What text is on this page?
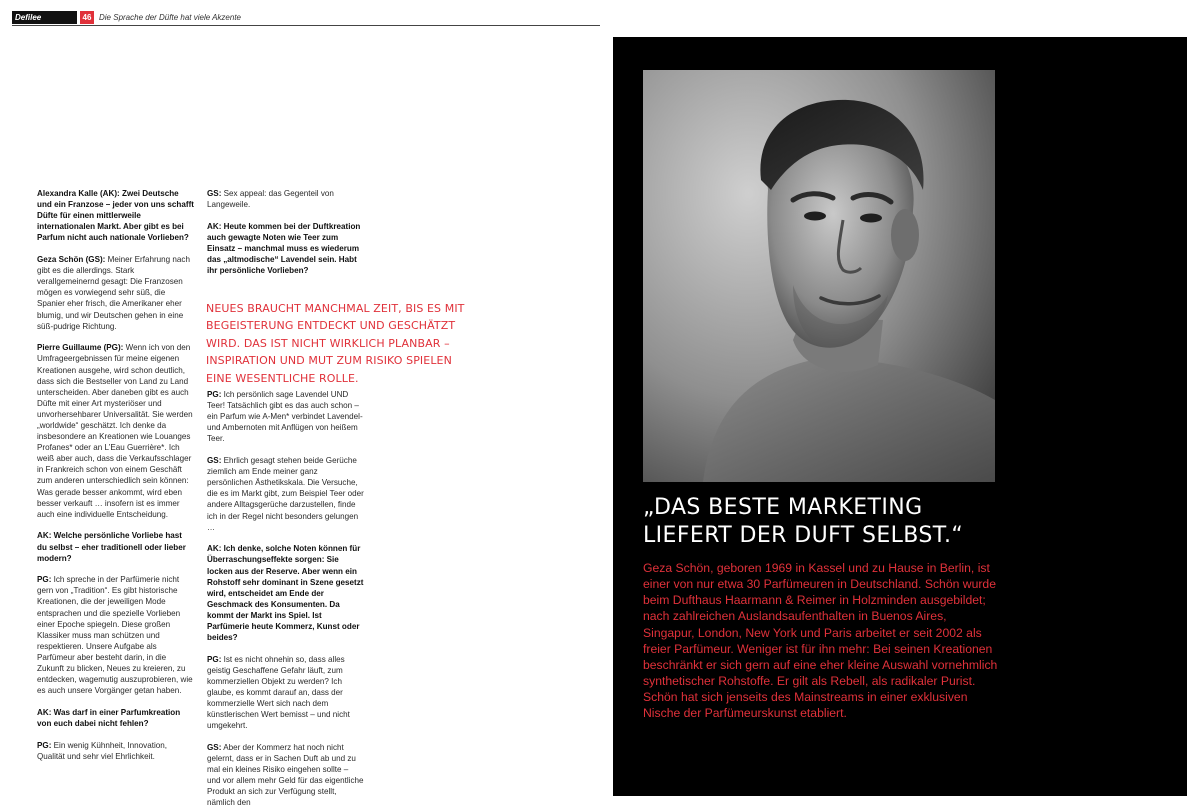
Defilee	46 Die Sprache der Düfte hat viele Akzente

Alexandra Kalle (AK): Zwei Deutsche und ein Franzose – jeder von uns schafft Düfte für einen mittlerweile internationalen Markt. Aber gibt es bei Parfum nicht auch nationale Vorlieben?

Geza Schön (GS): Meiner Erfahrung nach gibt es die allerdings. Stark verallgemeinernd gesagt: Die Franzosen mögen es vorwiegend sehr süß, die Spanier eher frisch, die Amerikaner eher blumig, und wir Deutschen gehen in eine süß-pudrige Richtung.

Pierre Guillaume (PG): Wenn ich von den Umfrageergebnissen für meine eigenen Kreationen ausgehe, wird schon deutlich, dass sich die Bestseller von Land zu Land unterscheiden. Aber daneben gibt es auch Düfte mit einer Art mysteriöser und unvorhersehbarer Universalität. Sie werden „worldwide“ geschätzt. Ich denke da insbesondere an Kreationen wie Louanges Profanes* oder an L’Eau Guerrière*. Ich weiß aber auch, dass die Verkaufsschlager in Frankreich schon von einem Geschäft zum anderen unterschiedlich sein können: Was gerade besser ankommt, wird eben besser verkauft … insofern ist es immer auch eine individuelle Entscheidung.

AK: Welche persönliche Vorliebe hast du selbst – eher traditionell oder lieber modern?

PG: Ich spreche in der Parfümerie nicht gern von „Tradition“. Es gibt historische Kreationen, die der jeweiligen Mode entsprachen und die spezielle Vorlieben einer Epoche spiegeln. Diese großen Klassiker muss man schützen und respektieren. Unsere Aufgabe als Parfümeur aber besteht darin, in die Zukunft zu blicken, Neues zu kreieren, zu entdecken, wagemutig auszuprobieren, wie es auch unsere Vorgänger getan haben.

AK: Was darf in einer Parfumkreation von euch dabei nicht fehlen?

PG: Ein wenig Kühnheit, Innovation, Qualität und sehr viel Ehrlichkeit.

GS: Sex appeal: das Gegenteil von Langeweile.

AK: Heute kommen bei der Duftkreation auch gewagte Noten wie Teer zum Einsatz – manchmal muss es wiederum das „altmodische“ Lavendel sein. Habt ihr persönliche Vorlieben?

NEUES BRAUCHT MANCHMAL ZEIT, BIS ES MIT BEGEISTERUNG ENTDECKT UND GESCHÄTZT WIRD. DAS IST NICHT WIRKLICH PLANBAR – INSPIRATION UND MUT ZUM RISIKO SPIELEN EINE WESENTLICHE ROLLE.

PG: Ich persönlich sage Lavendel UND Teer! Tatsächlich gibt es das auch schon – ein Parfum wie A-Men* verbindet Lavendel- und Ambernoten mit Anflügen von heißem Teer.

GS: Ehrlich gesagt stehen beide Gerüche ziemlich am Ende meiner ganz persönlichen Ästhetikskala. Die Versuche, die es im Markt gibt, zum Beispiel Teer oder andere Alltagsgerüche darzustellen, finde ich in der Regel nicht besonders gelungen …

AK: Ich denke, solche Noten können für Überraschungseffekte sorgen: Sie locken aus der Reserve. Aber wenn ein Rohstoff sehr dominant in Szene gesetzt wird, entscheidet am Ende der Geschmack des Konsumenten. Da kommt der Markt ins Spiel. Ist Parfümerie heute Kommerz, Kunst oder beides?

PG: Ist es nicht ohnehin so, dass alles geistig Geschaffene Gefahr läuft, zum kommerziellen Objekt zu werden? Ich glaube, es kommt darauf an, dass der kommerzielle Wert sich nach dem künstlerischen Wert bemisst – und nicht umgekehrt.

GS: Aber der Kommerz hat noch nicht gelernt, dass er in Sachen Duft ab und zu mal ein kleines Risiko eingehen sollte – und vor allem mehr Geld für das eigentliche Produkt an sich zur Verfügung stellt, nämlich den

„DAS BESTE MARKETING
LIEFERT DER DUFT SELBST.“
Geza Schön, geboren 1969 in Kassel und zu Hause in Berlin, ist einer von nur etwa 30 Parfümeuren in Deutschland. Schön wurde beim Dufthaus Haarmann & Reimer in Holzminden ausgebildet; nach zahlreichen Auslandsaufenthalten in Buenos Aires, Singapur, London, New York und Paris arbeitet er seit 2002 als freier Parfümeur. Weniger ist für ihn mehr: Bei seinen Kreationen beschränkt er sich gern auf eine eher kleine Auswahl vornehmlich synthetischer Rohstoffe. Er gilt als Rebell, als radikaler Purist. Schön hat sich jenseits des Mainstreams in einer exklusiven Nische der Parfümeurskunst etabliert.
